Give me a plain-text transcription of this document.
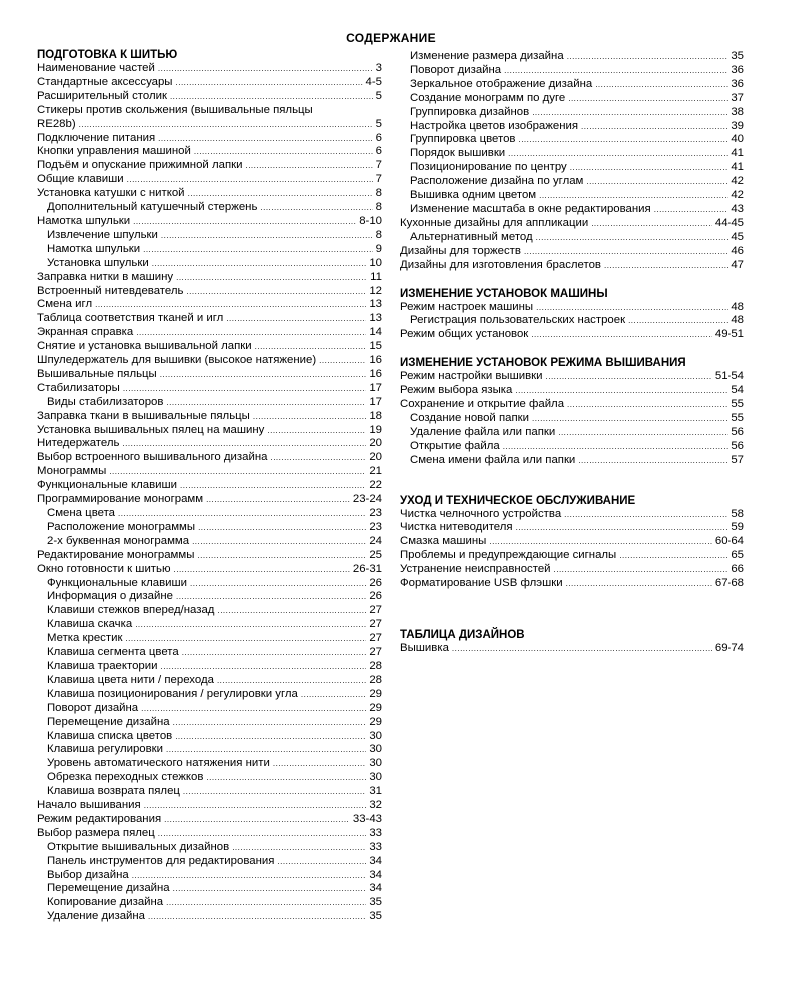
СОДЕРЖАНИЕ
ПОДГОТОВКА К ШИТЬЮ
Наименование частей .....	3
Стандартные аксессуары .....	4-5
Расширительный столик .....	5
Стикеры против скольжения (вышивальные пяльцы
RE28b) .....	5
Подключение питания .....	6
Кнопки управления машиной .....	6
Подъём и опускание прижимной лапки .....	7
Общие клавиши .....	7
Установка катушки с ниткой .....	8
Дополнительный катушечный стержень .....	8
Намотка шпульки .....	8-10
Извлечение шпульки .....	8
Намотка шпульки .....	9
Установка шпульки .....	10
Заправка нитки в машину .....	11
Встроенный нитевдеватель .....	12
Смена игл .....	13
Таблица соответствия тканей и игл .....	13
Экранная справка .....	14
Снятие и установка вышивальной лапки .....	15
Шпуледержатель для вышивки (высокое натяжение) .....	16
Вышивальные пяльцы .....	16
Стабилизаторы .....	17
Виды стабилизаторов .....	17
Заправка ткани в вышивальные пяльцы .....	18
Установка вышивальных пялец на машину .....	19
Нитедержатель .....	20
Выбор встроенного вышивального дизайна .....	20
Монограммы .....	21
Функциональные клавиши .....	22
Программирование монограмм .....	23-24
Смена цвета .....	23
Расположение монограммы .....	23
2-х буквенная монограмма .....	24
Редактирование монограммы .....	25
Окно готовности к шитью .....	26-31
Функциональные клавиши .....	26
Информация о дизайне .....	26
Клавиши стежков вперед/назад .....	27
Клавиша скачка .....	27
Метка крестик .....	27
Клавиша сегмента цвета .....	27
Клавиша траектории .....	28
Клавиша цвета нити / перехода .....	28
Клавиша позиционирования / регулировки угла .....	29
Поворот дизайна .....	29
Перемещение дизайна .....	29
Клавиша списка цветов .....	30
Клавиша регулировки .....	30
Уровень автоматического натяжения нити .....	30
Обрезка переходных стежков .....	30
Клавиша возврата пялец .....	31
Начало вышивания .....	32
Режим редактирования .....	33-43
Выбор размера пялец .....	33
Открытие вышивальных дизайнов .....	33
Панель инструментов для редактирования .....	34
Выбор дизайна .....	34
Перемещение дизайна .....	34
Копирование дизайна .....	35
Удаление дизайна .....	35
Изменение размера дизайна .....	35
Поворот дизайна .....	36
Зеркальное отображение дизайна .....	36
Создание монограмм по дуге .....	37
Группировка дизайнов .....	38
Настройка цветов изображения .....	39
Группировка цветов .....	40
Порядок вышивки .....	41
Позиционирование по центру .....	41
Расположение дизайна по углам .....	42
Вышивка одним цветом .....	42
Изменение масштаба в окне редактирования .....	43
Кухонные дизайны для аппликации .....	44-45
Альтернативный метод .....	45
Дизайны для торжеств .....	46
Дизайны для изготовления браслетов .....	47
ИЗМЕНЕНИЕ УСТАНОВОК МАШИНЫ
Режим настроек машины .....	48
Регистрация пользовательских настроек .....	48
Режим общих установок .....	49-51
ИЗМЕНЕНИЕ УСТАНОВОК РЕЖИМА ВЫШИВАНИЯ
Режим настройки вышивки .....	51-54
Режим выбора языка .....	54
Сохранение и открытие файла .....	55
Создание новой папки .....	55
Удаление файла или папки .....	56
Открытие файла .....	56
Смена имени файла или папки .....	57
УХОД И ТЕХНИЧЕСКОЕ ОБСЛУЖИВАНИЕ
Чистка челночного устройства .....	58
Чистка нитеводителя .....	59
Смазка машины .....	60-64
Проблемы и предупреждающие сигналы .....	65
Устранение неисправностей .....	66
Форматирование USB флэшки .....	67-68
ТАБЛИЦА ДИЗАЙНОВ
Вышивка .....	69-74
